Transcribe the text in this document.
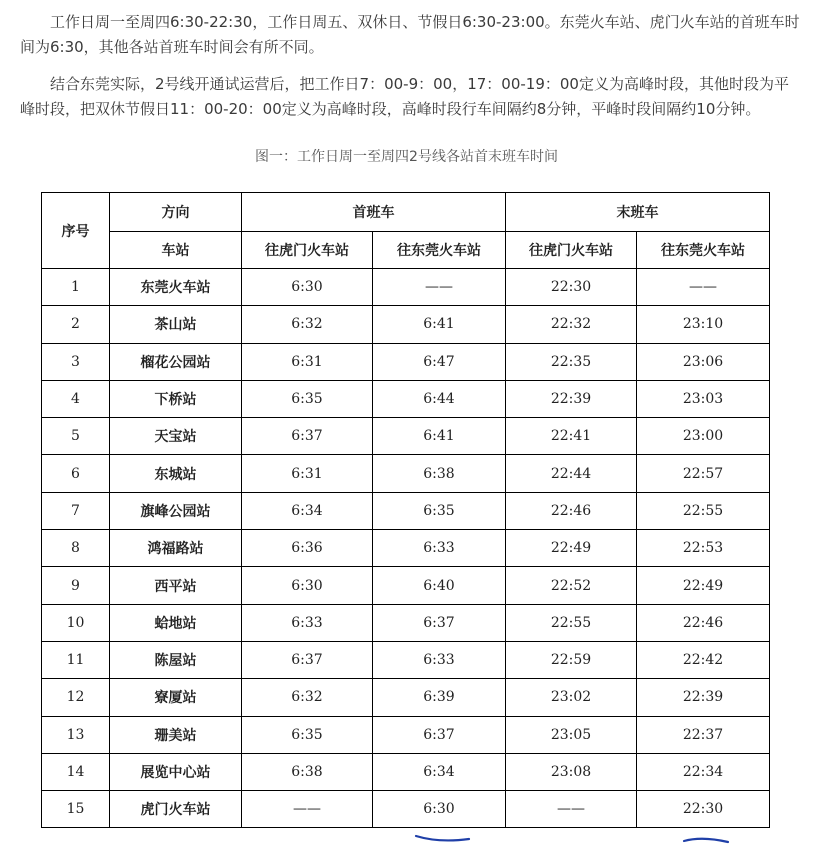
工作日周一至周四6:30-22:30，工作日周五、双休日、节假日6:30-23:00。东莞火车站、虎门火车站的首班车时间为6:30，其他各站首班车时间会有所不同。

结合东莞实际，2号线开通试运营后，把工作日7：00-9：00，17：00-19：00定义为高峰时段，其他时段为平峰时段，把双休节假日11：00-20：00定义为高峰时段，高峰时段行车间隔约8分钟，平峰时段间隔约10分钟。

图一：工作日周一至周四2号线各站首末班车时间
序号	方向	首班车		末班车	
	车站	往虎门火车站	往东莞火车站	往虎门火车站	往东莞火车站
1	东莞火车站	6:30	——	22:30	——
2	茶山站	6:32	6:41	22:32	23:10
3	榴花公园站	6:31	6:47	22:35	23:06
4	下桥站	6:35	6:44	22:39	23:03
5	天宝站	6:37	6:41	22:41	23:00
6	东城站	6:31	6:38	22:44	22:57
7	旗峰公园站	6:34	6:35	22:46	22:55
8	鸿福路站	6:36	6:33	22:49	22:53
9	西平站	6:30	6:40	22:52	22:49
10	蛤地站	6:33	6:37	22:55	22:46
11	陈屋站	6:37	6:33	22:59	22:42
12	寮厦站	6:32	6:39	23:02	22:39
13	珊美站	6:35	6:37	23:05	22:37
14	展览中心站	6:38	6:34	23:08	22:34
15	虎门火车站	——	6:30	——	22:30
